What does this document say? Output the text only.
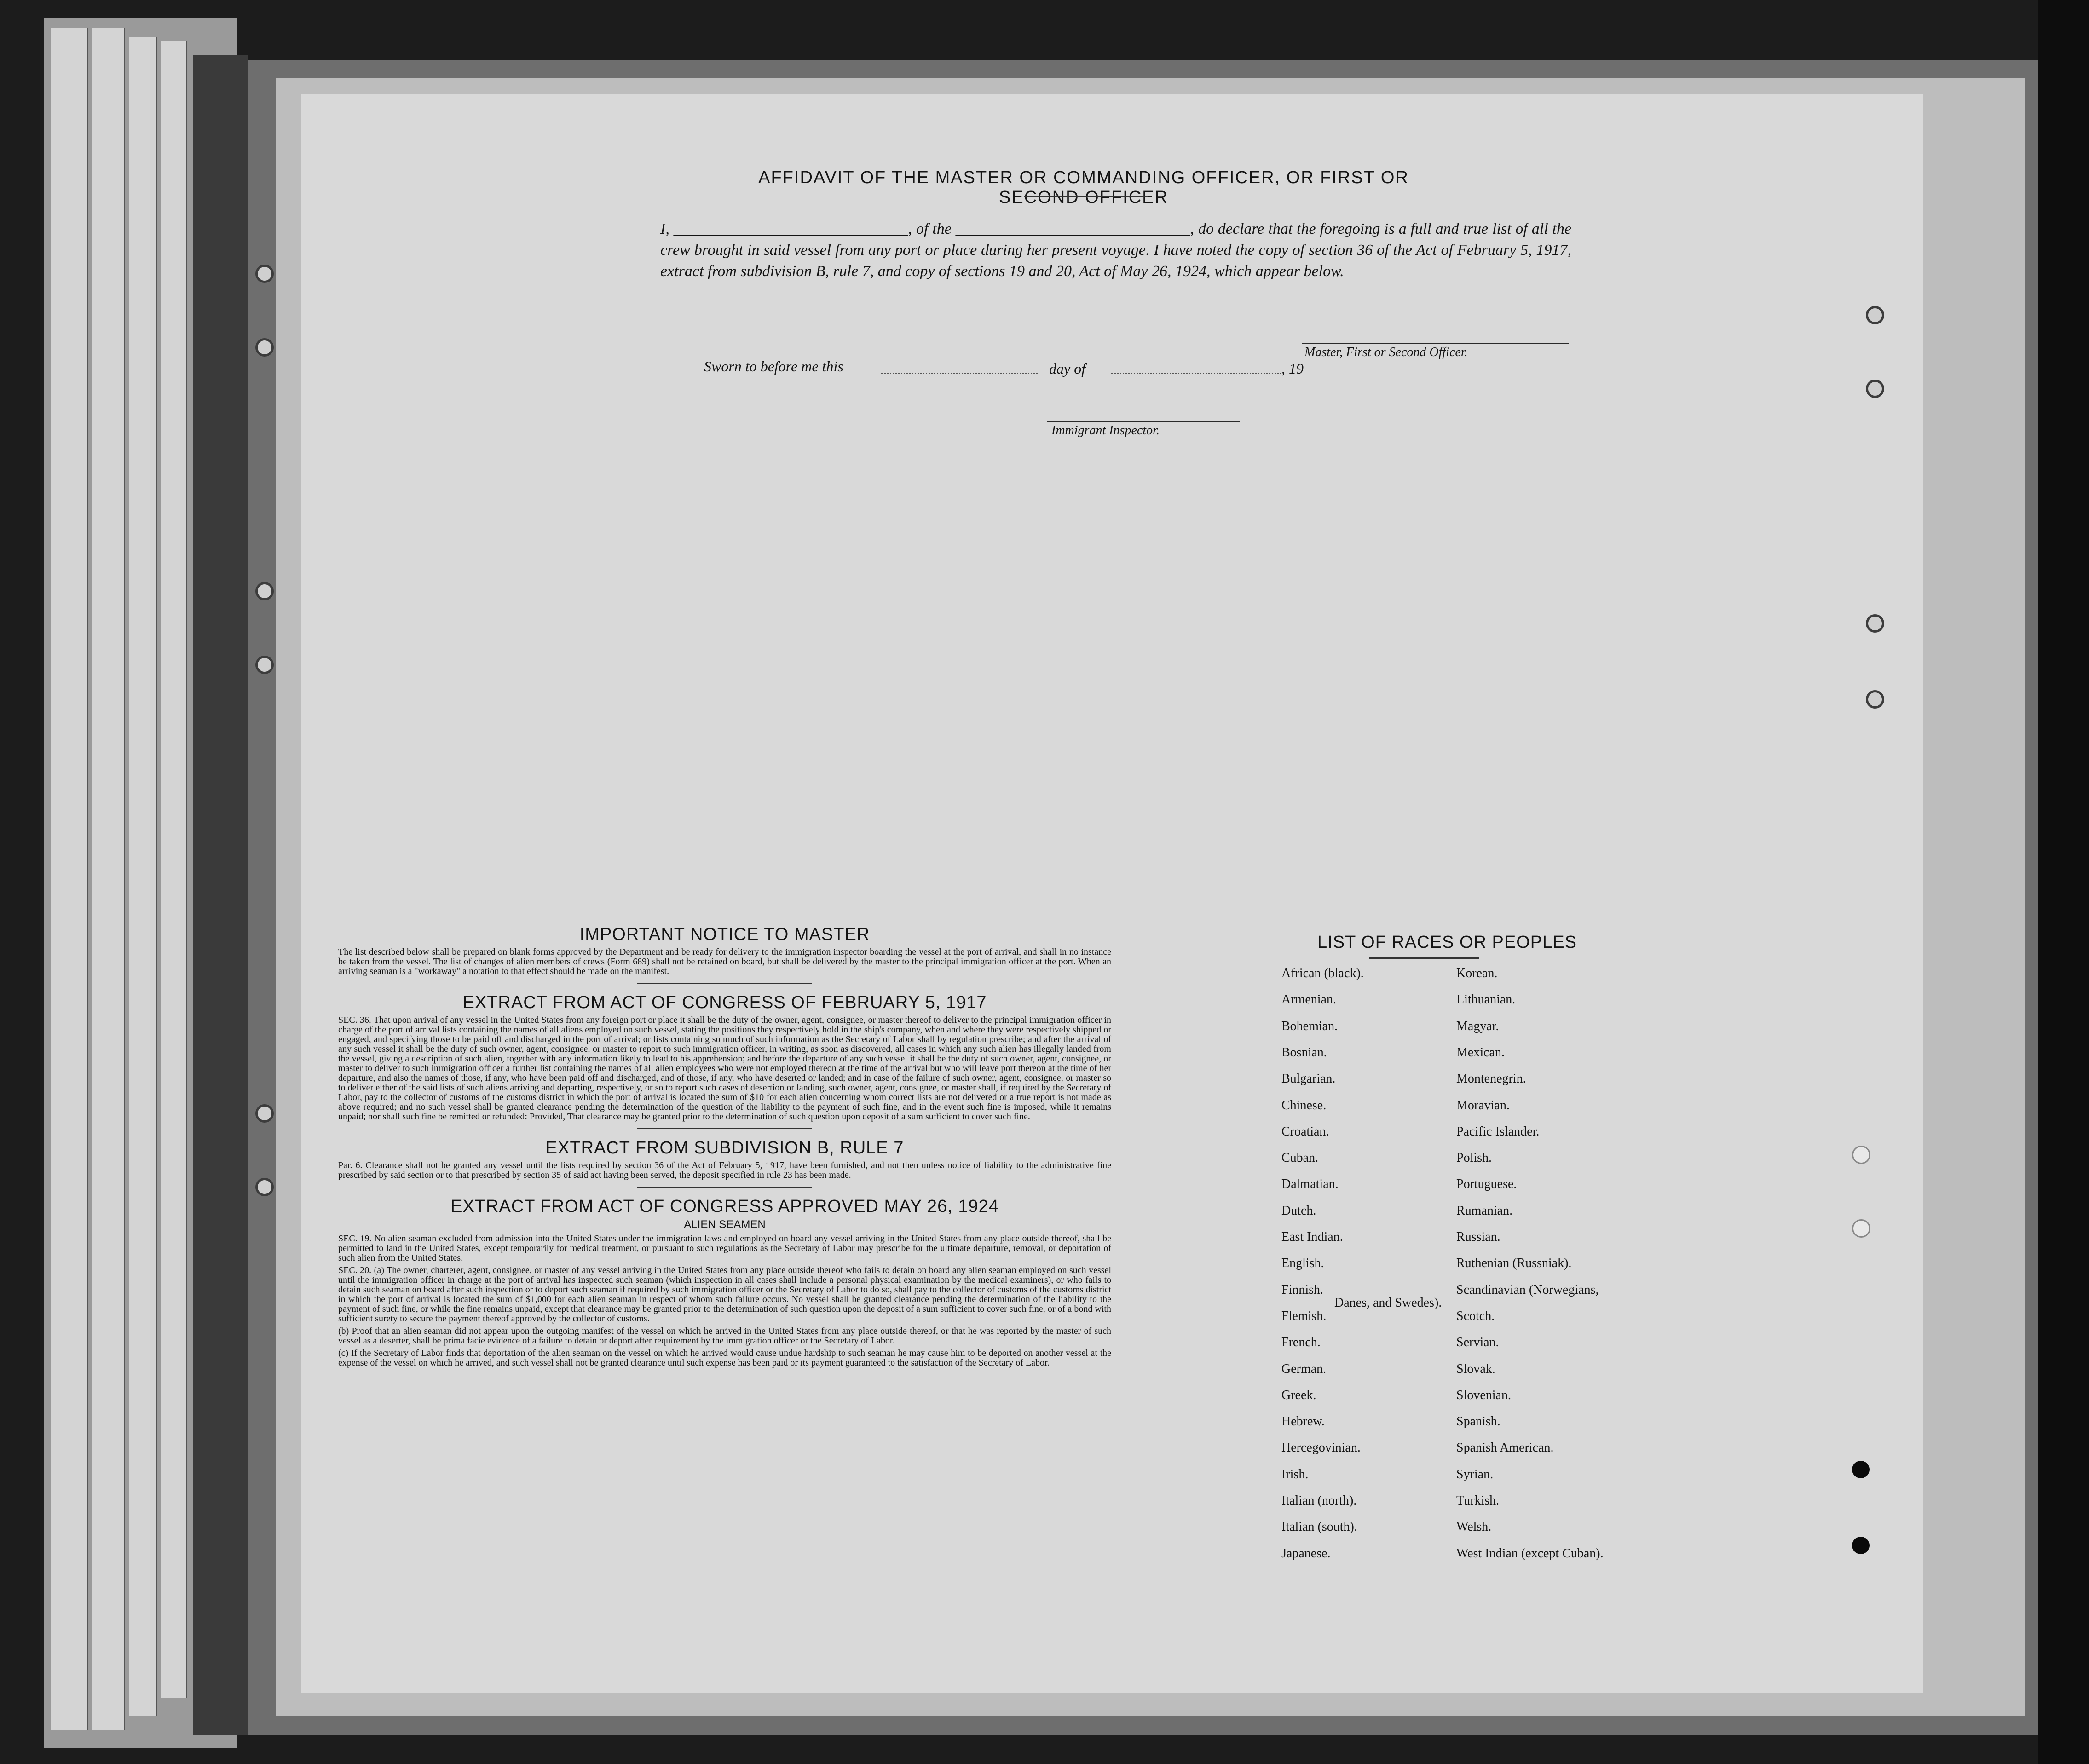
AFFIDAVIT OF THE MASTER OR COMMANDING OFFICER, OR FIRST OR SECOND OFFICER
I, ______________________________, of the ______________________________, do declare that the foregoing is a full and true list of all the crew brought in said vessel from any port or place during her present voyage. I have noted the copy of section 36 of the Act of February 5, 1917, extract from subdivision B, rule 7, and copy of sections 19 and 20, Act of May 26, 1924, which appear below.
Master, First or Second Officer.
Sworn to before me this	day of	, 19
Immigrant Inspector.

IMPORTANT NOTICE TO MASTER

The list described below shall be prepared on blank forms approved by the Department and be ready for delivery to the immigration inspector boarding the vessel at the port of arrival, and shall in no instance be taken from the vessel. The list of changes of alien members of crews (Form 689) shall not be retained on board, but shall be delivered by the master to the principal immigration officer at the port. When an arriving seaman is a "workaway" a notation to that effect should be made on the manifest.

EXTRACT FROM ACT OF CONGRESS OF FEBRUARY 5, 1917

SEC. 36. That upon arrival of any vessel in the United States from any foreign port or place it shall be the duty of the owner, agent, consignee, or master thereof to deliver to the principal immigration officer in charge of the port of arrival lists containing the names of all aliens employed on such vessel, stating the positions they respectively hold in the ship's company, when and where they were respectively shipped or engaged, and specifying those to be paid off and discharged in the port of arrival; or lists containing so much of such information as the Secretary of Labor shall by regulation prescribe; and after the arrival of any such vessel it shall be the duty of such owner, agent, consignee, or master to report to such immigration officer, in writing, as soon as discovered, all cases in which any such alien has illegally landed from the vessel, giving a description of such alien, together with any information likely to lead to his apprehension; and before the departure of any such vessel it shall be the duty of such owner, agent, consignee, or master to deliver to such immigration officer a further list containing the names of all alien employees who were not employed thereon at the time of the arrival but who will leave port thereon at the time of her departure, and also the names of those, if any, who have been paid off and discharged, and of those, if any, who have deserted or landed; and in case of the failure of such owner, agent, consignee, or master so to deliver either of the said lists of such aliens arriving and departing, respectively, or so to report such cases of desertion or landing, such owner, agent, consignee, or master shall, if required by the Secretary of Labor, pay to the collector of customs of the customs district in which the port of arrival is located the sum of $10 for each alien concerning whom correct lists are not delivered or a true report is not made as above required; and no such vessel shall be granted clearance pending the determination of the question of the liability to the payment of such fine, and in the event such fine is imposed, while it remains unpaid; nor shall such fine be remitted or refunded: Provided, That clearance may be granted prior to the determination of such question upon deposit of a sum sufficient to cover such fine.

EXTRACT FROM SUBDIVISION B, RULE 7

Par. 6. Clearance shall not be granted any vessel until the lists required by section 36 of the Act of February 5, 1917, have been furnished, and not then unless notice of liability to the administrative fine prescribed by said section or to that prescribed by section 35 of said act having been served, the deposit specified in rule 23 has been made.

EXTRACT FROM ACT OF CONGRESS APPROVED MAY 26, 1924

ALIEN SEAMEN

SEC. 19. No alien seaman excluded from admission into the United States under the immigration laws and employed on board any vessel arriving in the United States from any place outside thereof, shall be permitted to land in the United States, except temporarily for medical treatment, or pursuant to such regulations as the Secretary of Labor may prescribe for the ultimate departure, removal, or deportation of such alien from the United States.

SEC. 20. (a) The owner, charterer, agent, consignee, or master of any vessel arriving in the United States from any place outside thereof who fails to detain on board any alien seaman employed on such vessel until the immigration officer in charge at the port of arrival has inspected such seaman (which inspection in all cases shall include a personal physical examination by the medical examiners), or who fails to detain such seaman on board after such inspection or to deport such seaman if required by such immigration officer or the Secretary of Labor to do so, shall pay to the collector of customs of the customs district in which the port of arrival is located the sum of $1,000 for each alien seaman in respect of whom such failure occurs. No vessel shall be granted clearance pending the determination of the liability to the payment of such fine, or while the fine remains unpaid, except that clearance may be granted prior to the determination of such question upon the deposit of a sum sufficient to cover such fine, or of a bond with sufficient surety to secure the payment thereof approved by the collector of customs.

(b) Proof that an alien seaman did not appear upon the outgoing manifest of the vessel on which he arrived in the United States from any place outside thereof, or that he was reported by the master of such vessel as a deserter, shall be prima facie evidence of a failure to detain or deport after requirement by the immigration officer or the Secretary of Labor.

(c) If the Secretary of Labor finds that deportation of the alien seaman on the vessel on which he arrived would cause undue hardship to such seaman he may cause him to be deported on another vessel at the expense of the vessel on which he arrived, and such vessel shall not be granted clearance until such expense has been paid or its payment guaranteed to the satisfaction of the Secretary of Labor.

LIST OF RACES OR PEOPLES
African (black).
Armenian.
Bohemian.
Bosnian.
Bulgarian.
Chinese.
Croatian.
Cuban.
Dalmatian.
Dutch.
East Indian.
English.
Finnish.
Flemish.
French.
German.
Greek.
Hebrew.
Hercegovinian.
Irish.
Italian (north).
Italian (south).
Japanese.
Korean.
Lithuanian.
Magyar.
Mexican.
Montenegrin.
Moravian.
Pacific Islander.
Polish.
Portuguese.
Rumanian.
Russian.
Ruthenian (Russniak).
Scandinavian (Norwegians,
Danes, and Swedes).
Scotch.
Servian.
Slovak.
Slovenian.
Spanish.
Spanish American.
Syrian.
Turkish.
Welsh.
West Indian (except Cuban).
